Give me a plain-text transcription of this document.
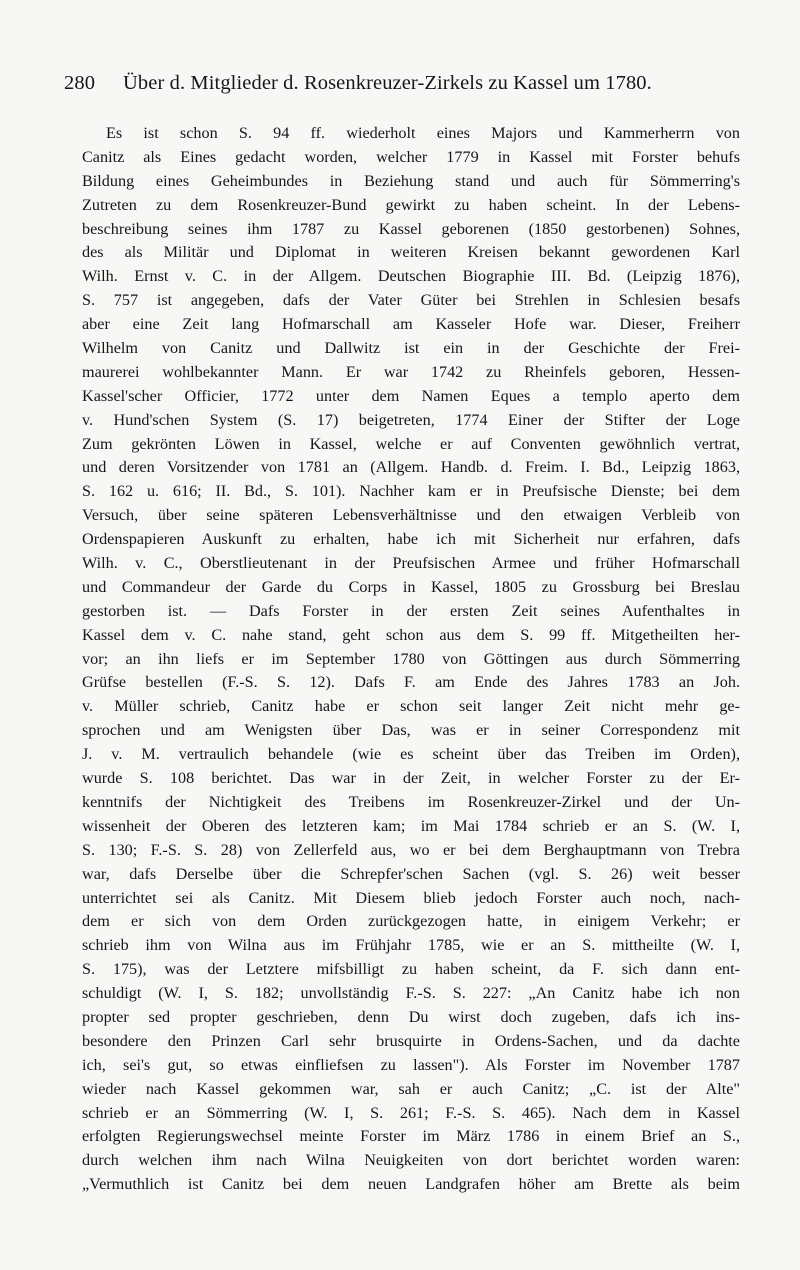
280 Über d. Mitglieder d. Rosenkreuzer-Zirkels zu Kassel um 1780.
Es ist schon S. 94 ff. wiederholt eines Majors und Kammerherrn von
Canitz als Eines gedacht worden, welcher 1779 in Kassel mit Forster behufs
Bildung eines Geheimbundes in Beziehung stand und auch für Sömmerring's
Zutreten zu dem Rosenkreuzer-Bund gewirkt zu haben scheint. In der Lebens-
beschreibung seines ihm 1787 zu Kassel geborenen (1850 gestorbenen) Sohnes,
des als Militär und Diplomat in weiteren Kreisen bekannt gewordenen Karl
Wilh. Ernst v. C. in der Allgem. Deutschen Biographie III. Bd. (Leipzig 1876),
S. 757 ist angegeben, dafs der Vater Güter bei Strehlen in Schlesien besafs
aber eine Zeit lang Hofmarschall am Kasseler Hofe war. Dieser, Freiherr
Wilhelm von Canitz und Dallwitz ist ein in der Geschichte der Frei-
maurerei wohlbekannter Mann. Er war 1742 zu Rheinfels geboren, Hessen-
Kassel'scher Officier, 1772 unter dem Namen Eques a templo aperto dem
v. Hund'schen System (S. 17) beigetreten, 1774 Einer der Stifter der Loge
Zum gekrönten Löwen in Kassel, welche er auf Conventen gewöhnlich vertrat,
und deren Vorsitzender von 1781 an (Allgem. Handb. d. Freim. I. Bd., Leipzig 1863,
S. 162 u. 616; II. Bd., S. 101). Nachher kam er in Preufsische Dienste; bei dem
Versuch, über seine späteren Lebensverhältnisse und den etwaigen Verbleib von
Ordenspapieren Auskunft zu erhalten, habe ich mit Sicherheit nur erfahren, dafs
Wilh. v. C., Oberstlieutenant in der Preufsischen Armee und früher Hofmarschall
und Commandeur der Garde du Corps in Kassel, 1805 zu Grossburg bei Breslau
gestorben ist. — Dafs Forster in der ersten Zeit seines Aufenthaltes in
Kassel dem v. C. nahe stand, geht schon aus dem S. 99 ff. Mitgetheilten her-
vor; an ihn liefs er im September 1780 von Göttingen aus durch Sömmerring
Grüfse bestellen (F.-S. S. 12). Dafs F. am Ende des Jahres 1783 an Joh.
v. Müller schrieb, Canitz habe er schon seit langer Zeit nicht mehr ge-
sprochen und am Wenigsten über Das, was er in seiner Correspondenz mit
J. v. M. vertraulich behandele (wie es scheint über das Treiben im Orden),
wurde S. 108 berichtet. Das war in der Zeit, in welcher Forster zu der Er-
kenntnifs der Nichtigkeit des Treibens im Rosenkreuzer-Zirkel und der Un-
wissenheit der Oberen des letzteren kam; im Mai 1784 schrieb er an S. (W. I,
S. 130; F.-S. S. 28) von Zellerfeld aus, wo er bei dem Berghauptmann von Trebra
war, dafs Derselbe über die Schrepfer'schen Sachen (vgl. S. 26) weit besser
unterrichtet sei als Canitz. Mit Diesem blieb jedoch Forster auch noch, nach-
dem er sich von dem Orden zurückgezogen hatte, in einigem Verkehr; er
schrieb ihm von Wilna aus im Frühjahr 1785, wie er an S. mittheilte (W. I,
S. 175), was der Letztere mifsbilligt zu haben scheint, da F. sich dann ent-
schuldigt (W. I, S. 182; unvollständig F.-S. S. 227: „An Canitz habe ich non
propter sed propter geschrieben, denn Du wirst doch zugeben, dafs ich ins-
besondere den Prinzen Carl sehr brusquirte in Ordens-Sachen, und da dachte
ich, sei's gut, so etwas einfliefsen zu lassen"). Als Forster im November 1787
wieder nach Kassel gekommen war, sah er auch Canitz; „C. ist der Alte"
schrieb er an Sömmerring (W. I, S. 261; F.-S. S. 465). Nach dem in Kassel
erfolgten Regierungswechsel meinte Forster im März 1786 in einem Brief an S.,
durch welchen ihm nach Wilna Neuigkeiten von dort berichtet worden waren:
„Vermuthlich ist Canitz bei dem neuen Landgrafen höher am Brette als beim
